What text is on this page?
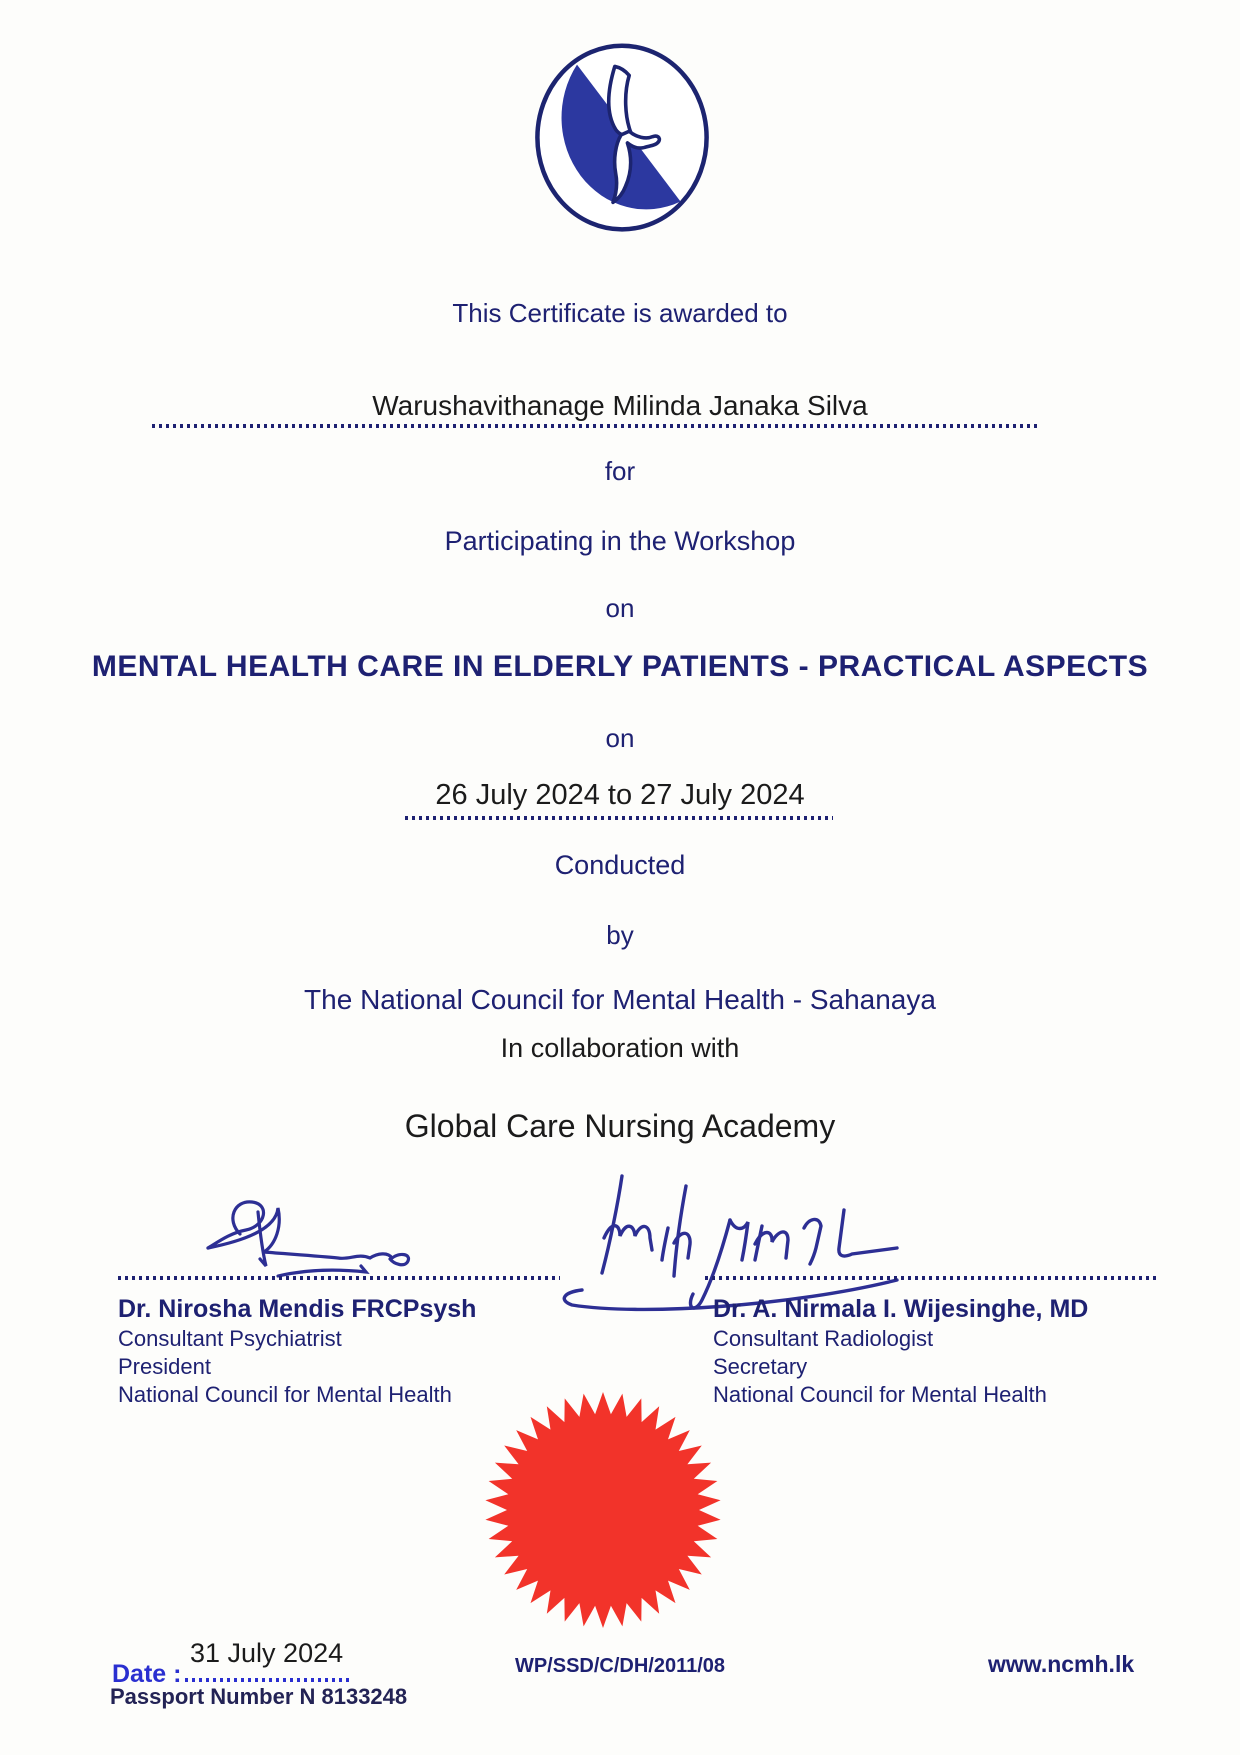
This Certificate is awarded to
Warushavithanage Milinda Janaka Silva
for
Participating in the Workshop
on
MENTAL HEALTH CARE IN ELDERLY PATIENTS - PRACTICAL ASPECTS
on
26 July 2024 to 27 July 2024
Conducted
by
The National Council for Mental Health - Sahanaya
In collaboration with
Global Care Nursing Academy
Dr. Nirosha Mendis FRCPsysh
Consultant Psychiatrist
President
National Council for Mental Health
Dr. A. Nirmala I. Wijesinghe, MD
Consultant Radiologist
Secretary
National Council for Mental Health
31 July 2024
Date :
Passport Number N 8133248
WP/SSD/C/DH/2011/08	www.ncmh.lk
